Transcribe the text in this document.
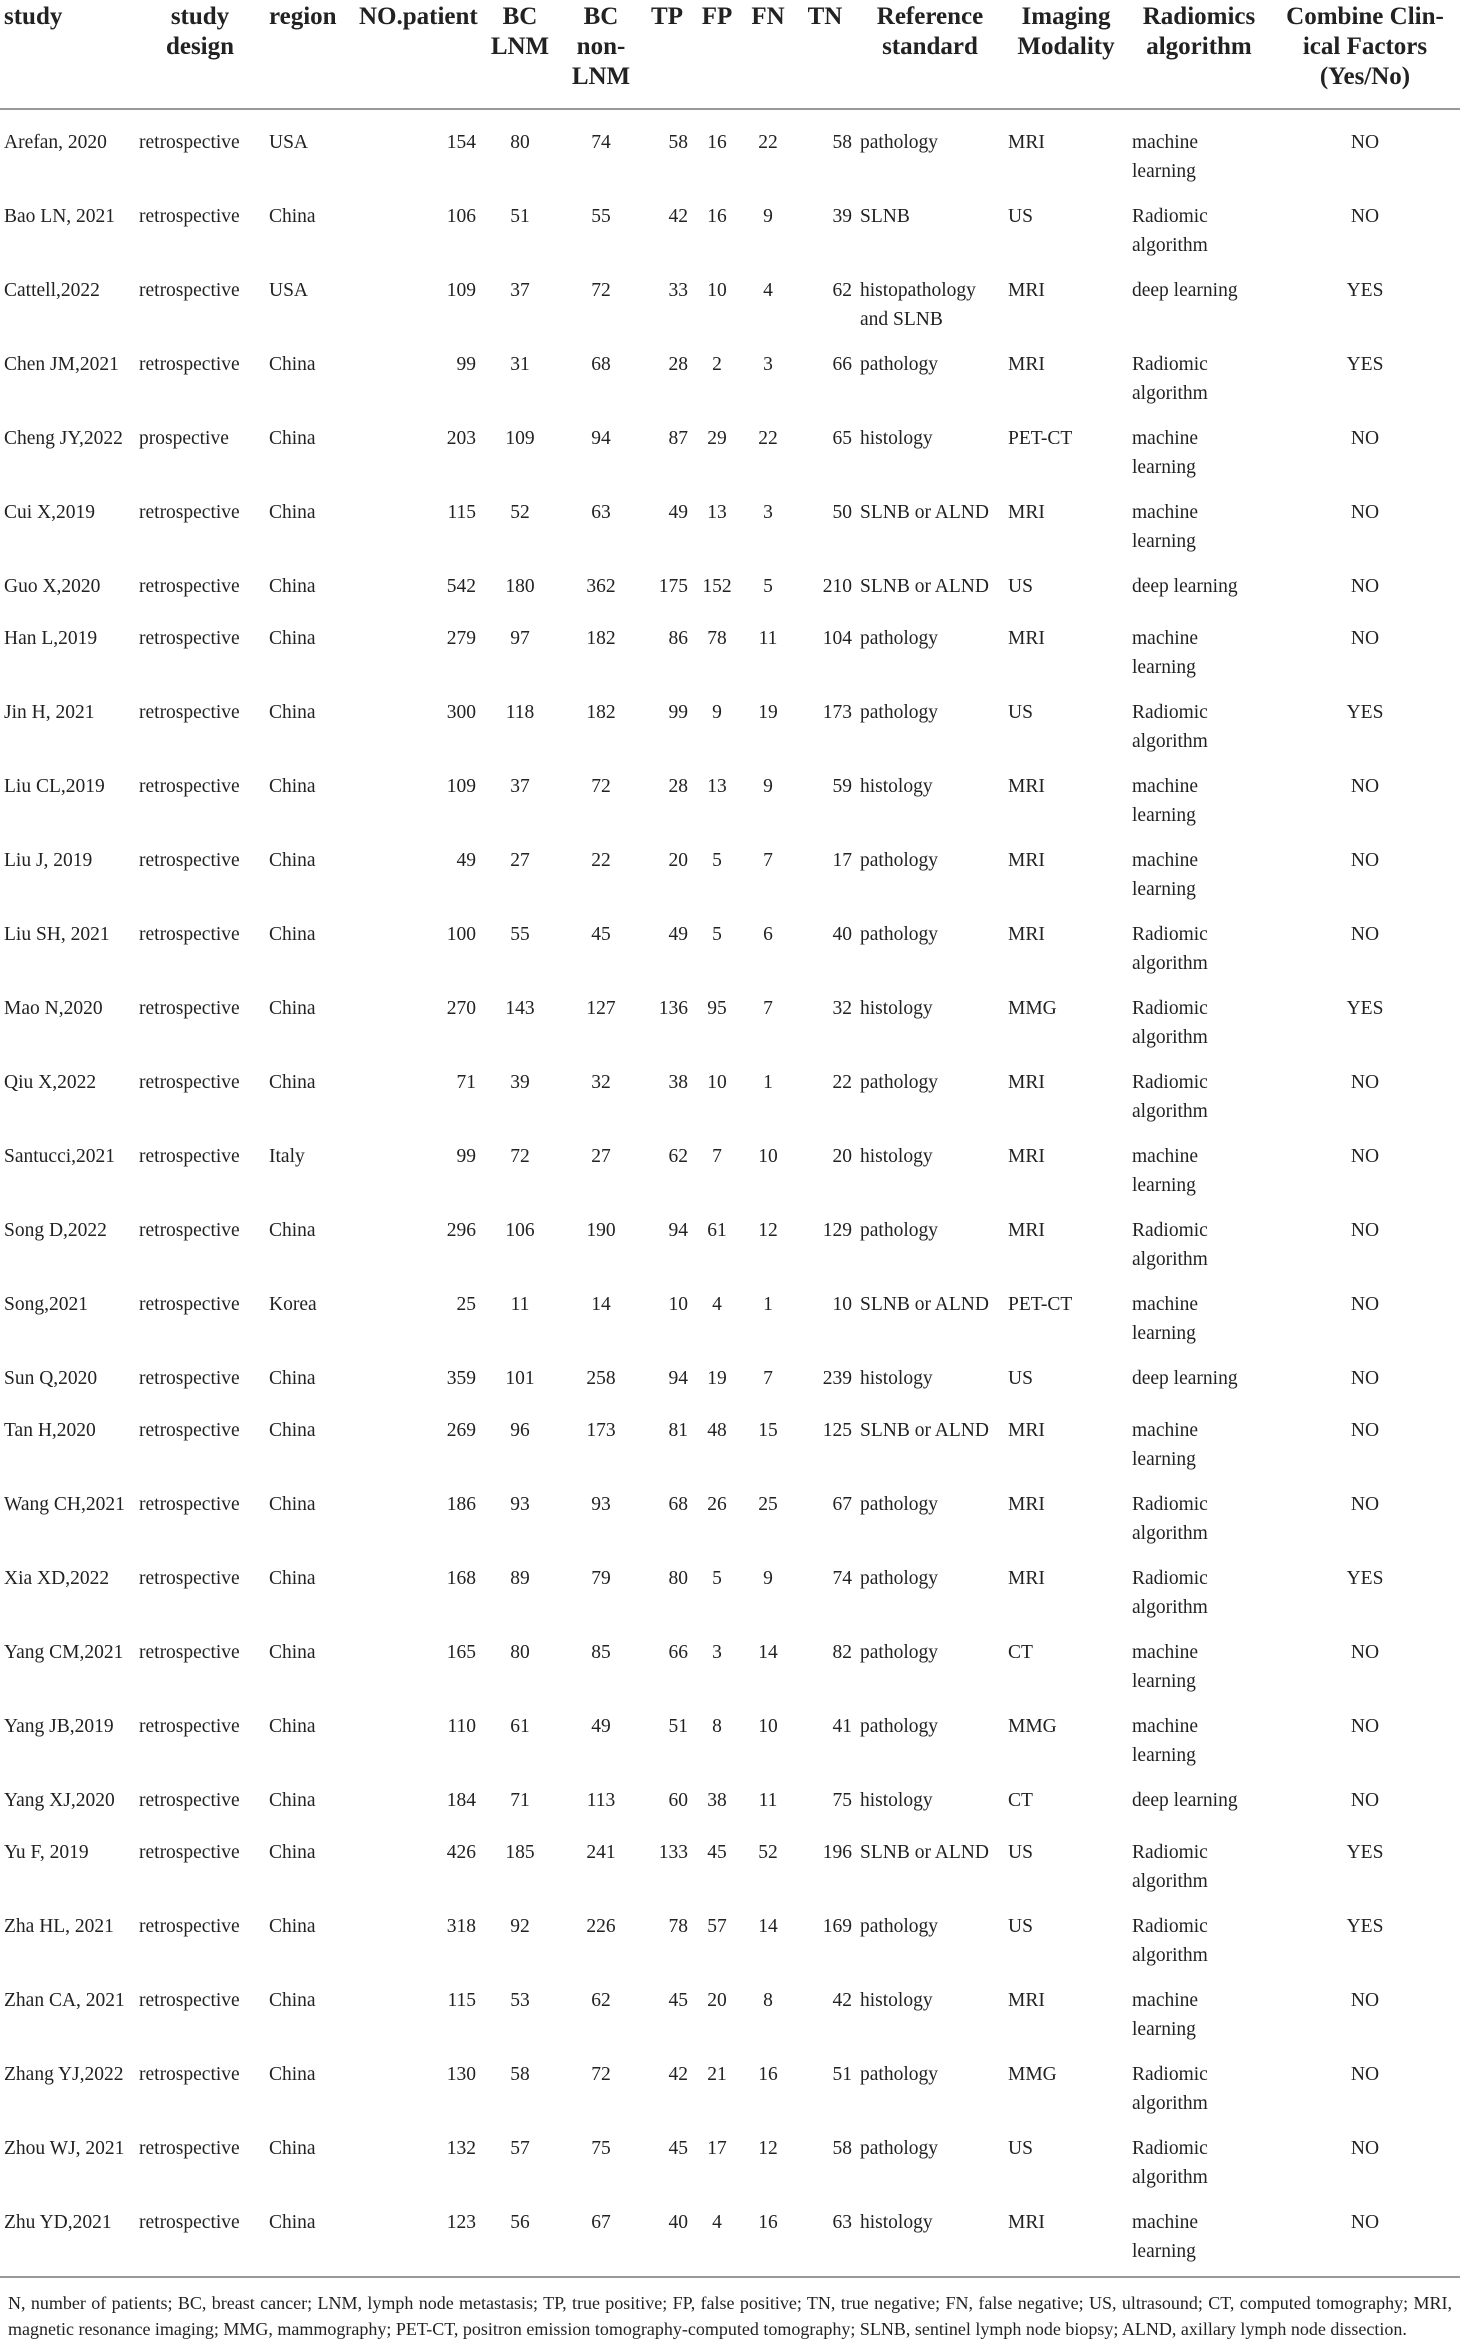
study	study design	region	NO.patient	BC LNM	BC non-LNM	TP	FP	FN	TN	Reference standard	Imaging Modality	Radiomics algorithm	Combine Clin-ical Factors (Yes/No)
Arefan, 2020	retrospective	USA	154	80	74	58	16	22	58	pathology	MRI	machine learning	NO
Bao LN, 2021	retrospective	China	106	51	55	42	16	9	39	SLNB	US	Radiomic algorithm	NO
Cattell,2022	retrospective	USA	109	37	72	33	10	4	62	histopathology and SLNB	MRI	deep learning	YES
Chen JM,2021	retrospective	China	99	31	68	28	2	3	66	pathology	MRI	Radiomic algorithm	YES
Cheng JY,2022	prospective	China	203	109	94	87	29	22	65	histology	PET-CT	machine learning	NO
Cui X,2019	retrospective	China	115	52	63	49	13	3	50	SLNB or ALND	MRI	machine learning	NO
Guo X,2020	retrospective	China	542	180	362	175	152	5	210	SLNB or ALND	US	deep learning	NO
Han L,2019	retrospective	China	279	97	182	86	78	11	104	pathology	MRI	machine learning	NO
Jin H, 2021	retrospective	China	300	118	182	99	9	19	173	pathology	US	Radiomic algorithm	YES
Liu CL,2019	retrospective	China	109	37	72	28	13	9	59	histology	MRI	machine learning	NO
Liu J, 2019	retrospective	China	49	27	22	20	5	7	17	pathology	MRI	machine learning	NO
Liu SH, 2021	retrospective	China	100	55	45	49	5	6	40	pathology	MRI	Radiomic algorithm	NO
Mao N,2020	retrospective	China	270	143	127	136	95	7	32	histology	MMG	Radiomic algorithm	YES
Qiu X,2022	retrospective	China	71	39	32	38	10	1	22	pathology	MRI	Radiomic algorithm	NO
Santucci,2021	retrospective	Italy	99	72	27	62	7	10	20	histology	MRI	machine learning	NO
Song D,2022	retrospective	China	296	106	190	94	61	12	129	pathology	MRI	Radiomic algorithm	NO
Song,2021	retrospective	Korea	25	11	14	10	4	1	10	SLNB or ALND	PET-CT	machine learning	NO
Sun Q,2020	retrospective	China	359	101	258	94	19	7	239	histology	US	deep learning	NO
Tan H,2020	retrospective	China	269	96	173	81	48	15	125	SLNB or ALND	MRI	machine learning	NO
Wang CH,2021	retrospective	China	186	93	93	68	26	25	67	pathology	MRI	Radiomic algorithm	NO
Xia XD,2022	retrospective	China	168	89	79	80	5	9	74	pathology	MRI	Radiomic algorithm	YES
Yang CM,2021	retrospective	China	165	80	85	66	3	14	82	pathology	CT	machine learning	NO
Yang JB,2019	retrospective	China	110	61	49	51	8	10	41	pathology	MMG	machine learning	NO
Yang XJ,2020	retrospective	China	184	71	113	60	38	11	75	histology	CT	deep learning	NO
Yu F, 2019	retrospective	China	426	185	241	133	45	52	196	SLNB or ALND	US	Radiomic algorithm	YES
Zha HL, 2021	retrospective	China	318	92	226	78	57	14	169	pathology	US	Radiomic algorithm	YES
Zhan CA, 2021	retrospective	China	115	53	62	45	20	8	42	histology	MRI	machine learning	NO
Zhang YJ,2022	retrospective	China	130	58	72	42	21	16	51	pathology	MMG	Radiomic algorithm	NO
Zhou WJ, 2021	retrospective	China	132	57	75	45	17	12	58	pathology	US	Radiomic algorithm	NO
Zhu YD,2021	retrospective	China	123	56	67	40	4	16	63	histology	MRI	machine learning	NO
N, number of patients; BC, breast cancer; LNM, lymph node metastasis; TP, true positive; FP, false positive; TN, true negative; FN, false negative; US, ultrasound; CT, computed tomography; MRI, magnetic resonance imaging; MMG, mammography; PET-CT, positron emission tomography-computed tomography; SLNB, sentinel lymph node biopsy; ALND, axillary lymph node dissection.
